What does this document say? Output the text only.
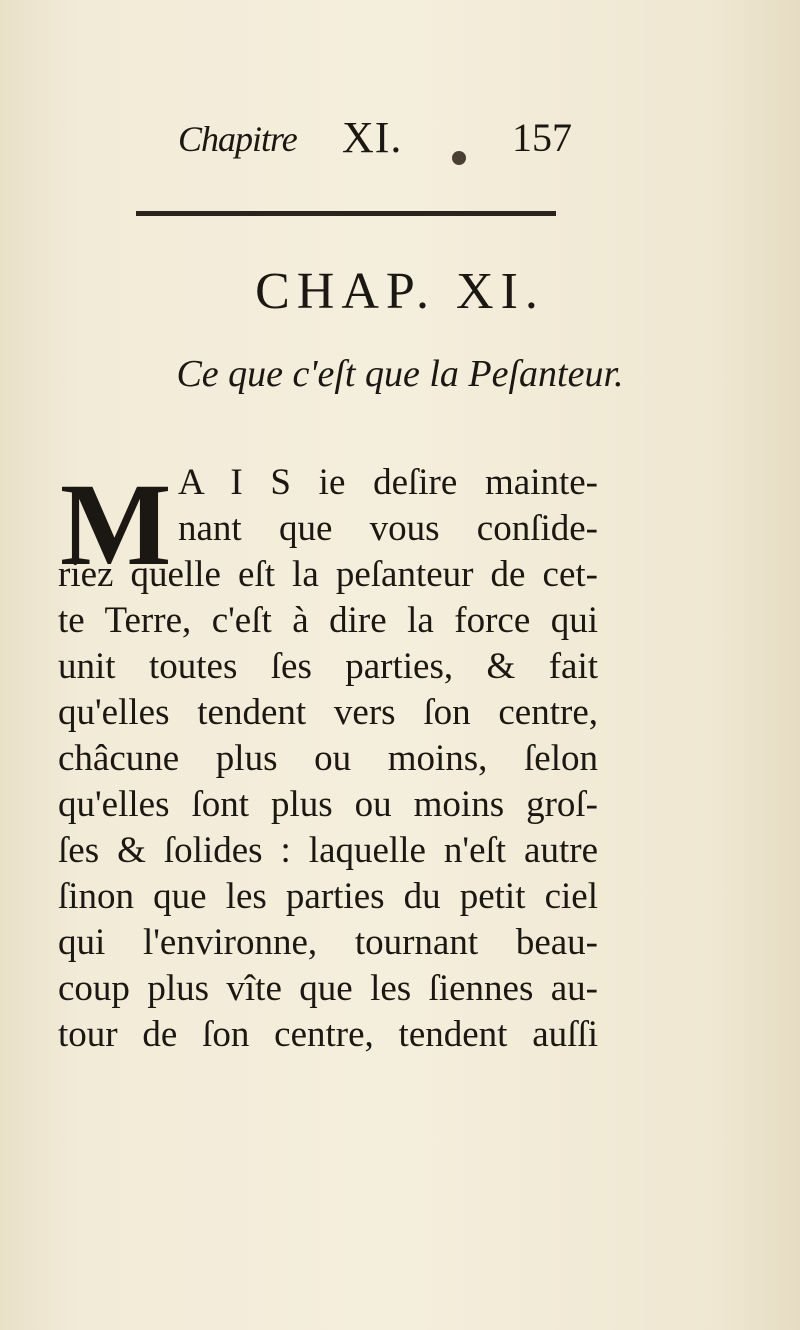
Chapitre XI.	157
CHAP. XI.
Ce que c'eſt que la Peſanteur.
M A I S ie deſire mainte-
nant que vous conſide-
riez quelle eſt la peſanteur de cet-
te Terre, c'eſt à dire la force qui
unit toutes ſes parties, & fait
qu'elles tendent vers ſon centre,
châcune plus ou moins, ſelon
qu'elles ſont plus ou moins groſ-
ſes & ſolides : laquelle n'eſt autre
ſinon que les parties du petit ciel
qui l'environne, tournant beau-
coup plus vîte que les ſiennes au-
tour de ſon centre, tendent auſſi
